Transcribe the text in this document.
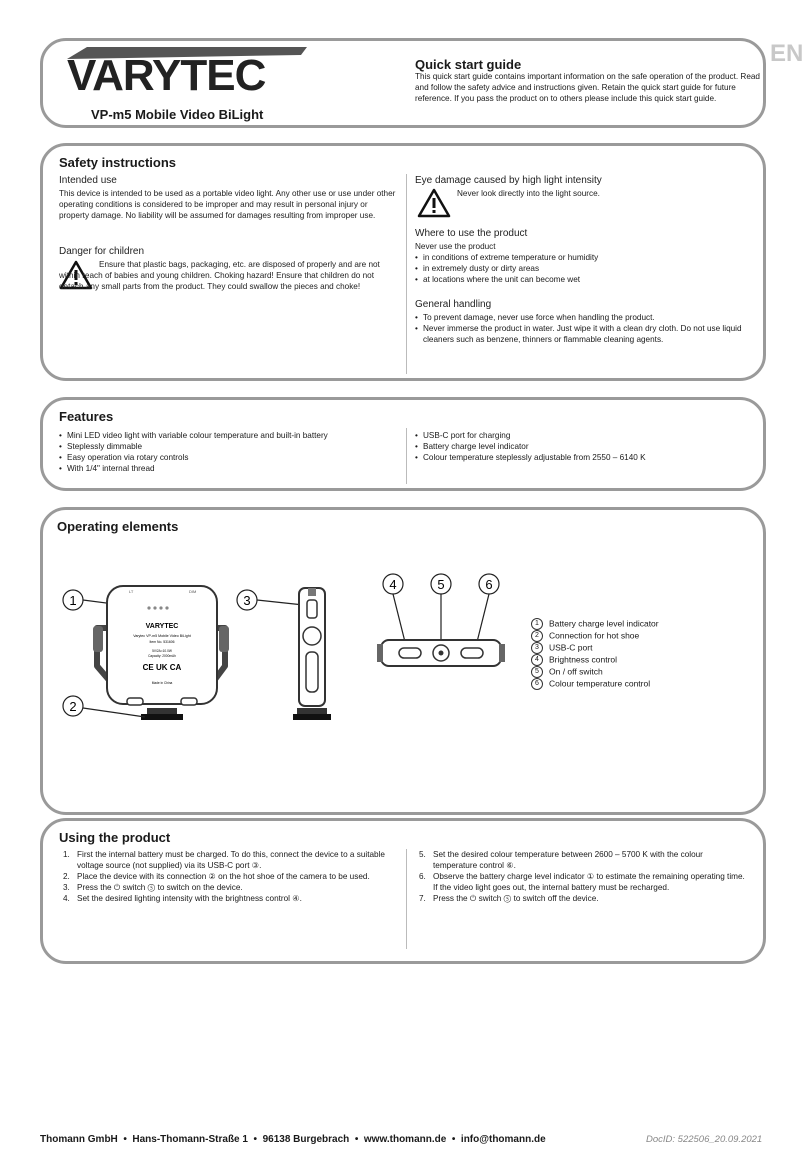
EN
VARYTEC
VP-m5 Mobile Video BiLight
Quick start guide
This quick start guide contains important information on the safe operation of the product. Read and follow the safety advice and instructions given. Retain the quick start guide for future reference. If you pass the product on to others please include this quick start guide.
Safety instructions
Intended use
This device is intended to be used as a portable video light. Any other use or use under other operating conditions is considered to be improper and may result in personal injury or property damage. No liability will be assumed for damages resulting from improper use.
Danger for children
Ensure that plastic bags, packaging, etc. are disposed of properly and are not within reach of babies and young children. Choking hazard! Ensure that children do not detach any small parts from the product. They could swallow the pieces and choke!
Eye damage caused by high light intensity
Never look directly into the light source.
Where to use the product
Never use the product
• in conditions of extreme temperature or humidity
• in extremely dusty or dirty areas
• at locations where the unit can become wet
General handling
• To prevent damage, never use force when handling the product.
• Never immerse the product in water. Just wipe it with a clean dry cloth. Do not use liquid cleaners such as benzene, thinners or flammable cleaning agents.
Features
• Mini LED video light with variable colour temperature and built-in battery
• Steplessly dimmable
• Easy operation via rotary controls
• With 1/4" internal thread
• USB-C port for charging
• Battery charge level indicator
• Colour temperature steplessly adjustable from 2550 – 6140 K
Operating elements
1
LT	DIM
VARYTEC
Varytec VP-m5 Mobile Video BiLight
Item No. 531606
5V/2A=10.0W
Capacity: 2000mAh
CE UK CA
Made in China
2
3
4	5	6
1 Battery charge level indicator
2 Connection for hot shoe
3 USB-C port
4 Brightness control
5 On / off switch
6 Colour temperature control
Using the product
1. First the internal battery must be charged. To do this, connect the device to a suitable voltage source (not supplied) via its USB-C port ③.
2. Place the device with its connection ② on the hot shoe of the camera to be used.
3. Press the ⏻ switch ⑤ to switch on the device.
4. Set the desired lighting intensity with the brightness control ④.
5. Set the desired colour temperature between 2600 – 5700 K with the colour temperature control ⑥.
6. Observe the battery charge level indicator ① to estimate the remaining operating time. If the video light goes out, the internal battery must be recharged.
7. Press the ⏻ switch ⑤ to switch off the device.
Thomann GmbH  •  Hans-Thomann-Straße 1  •  96138 Burgebrach  •  www.thomann.de  •  info@thomann.de	DocID: 522506_20.09.2021
